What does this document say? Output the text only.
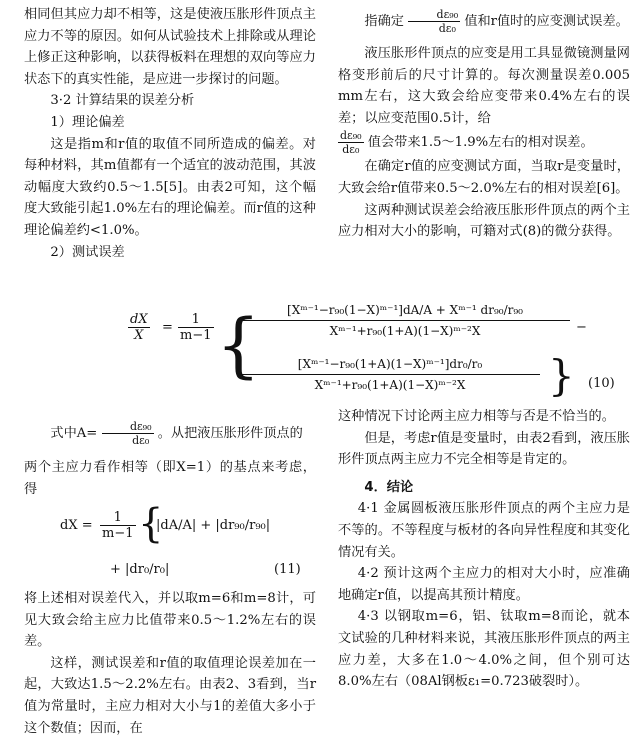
相同但其应力却不相等，这是使液压胀形件顶点主应力不等的原因。如何从试验技术上排除或从理论上修正这种影响，以获得板料在理想的双向等应力状态下的真实性能，是应进一步探讨的问题。

3·2 计算结果的误差分析

1）理论偏差

这是指m和r值的取值不同所造成的偏差。对每种材料，其m值都有一个适宜的波动范围，其波动幅度大致约0.5～1.5[5]。由表2可知，这个幅度大致能引起1.0%左右的理论偏差。而r值的这种理论偏差约<1.0%。

2）测试误差

指确定 $\frac{\text{dε₉₀}}{\text{dε₀}}$ 值和r值时的应变测试误差。

液压胀形件顶点的应变是用工具显微镜测量网格变形前后的尺寸计算的。每次测量误差0.005 mm左右，这大致会给应变带来0.4%左右的误差；以应变范围0.5计，给

$\frac{\text{dε₉₀}}{\text{dε₀}}$ 值会带来1.5～1.9%左右的相对误差。

在确定r值的应变测试方面，当取r是变量时，大致会给r值带来0.5～2.0%左右的相对误差[6]。

这两种测试误差会给液压胀形件顶点的两个主应力相对大小的影响，可籍对式(8)的微分获得。

$\frac{dX}{X} = \frac{1}{m-1}$ {
$\frac{\text{[Xᵐ⁻¹−r₉₀(1−X)ᵐ⁻¹]dA/A + Xᵐ⁻¹ dr₉₀/r₉₀}}{\text{Xᵐ⁻¹+r₉₀(1+A)(1−X)ᵐ⁻²X}}$ −
$\frac{\text{[Xᵐ⁻¹−r₉₀(1+A)(1−X)ᵐ⁻¹]dr₀/r₀}}{\text{Xᵐ⁻¹+r₉₀(1+A)(1−X)ᵐ⁻²X}}$ } (10)

式中$A= \frac{\text{dε₉₀}}{\text{dε₀}}$ 。从把液压胀形件顶点的

两个主应力看作相等（即X=1）的基点来考虑，得

dX = $\frac{1}{m-1}$ {
|dA/A| + |dr₉₀/r₉₀|
+ |dr₀/r₀|	(11)

将上述相对误差代入，并以取m=6和m=8计，可见大致会给主应力比值带来0.5～1.2%左右的误差。

这样，测试误差和r值的取值理论误差加在一起，大致达1.5～2.2%左右。由表2、3看到，当r值为常量时，主应力相对大小与1的差值大多小于这个数值；因而，在

这种情况下讨论两主应力相等与否是不恰当的。

但是，考虑r值是变量时，由表2看到，液压胀形件顶点两主应力不完全相等是肯定的。

4．结论

4·1 金属圆板液压胀形件顶点的两个主应力是不等的。不等程度与板材的各向异性程度和其变化情况有关。

4·2 预计这两个主应力的相对大小时，应准确地确定r值，以提高其预计精度。

4·3 以钢取m=6，铝、钛取m=8而论，就本文试验的几种材料来说，其液压胀形件顶点的两主应力差，大多在1.0～4.0%之间，但个别可达8.0%左右（08Al钢板ε₁=0.723破裂时）。
